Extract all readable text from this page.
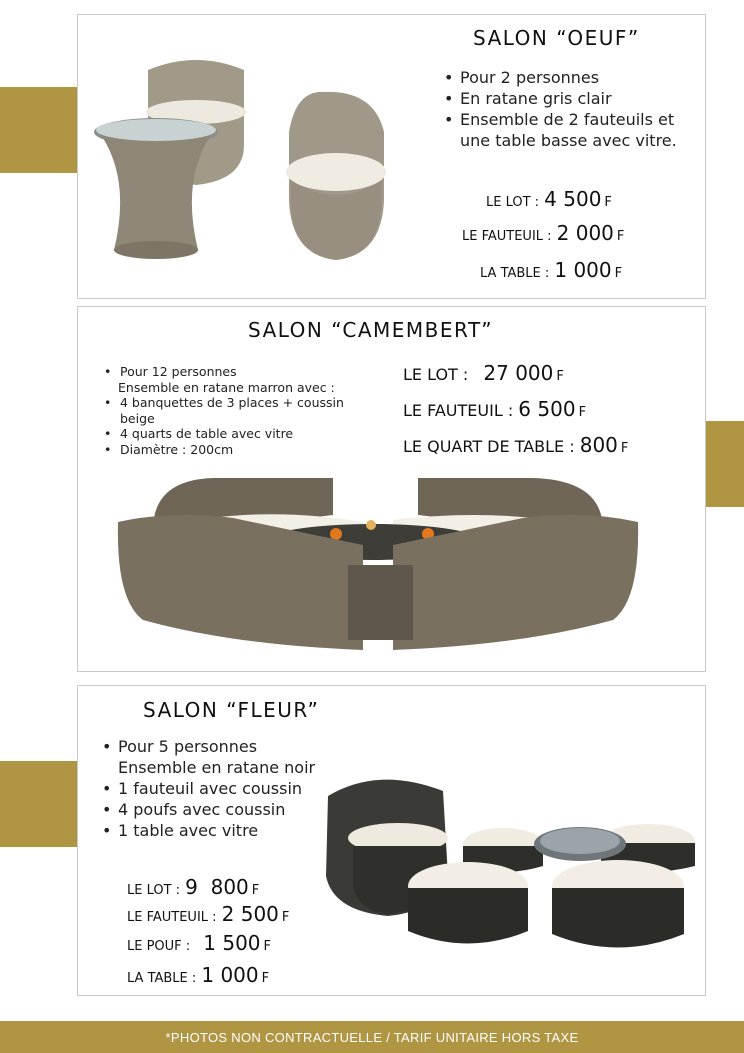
SALON “OEUF”
• Pour 2 personnes
• En ratane gris clair
• Ensemble de 2 fauteuils et
une table basse avec vitre.
LE LOT : 4 500 F
LE FAUTEUIL : 2 000 F
LA TABLE : 1 000 F
SALON “CAMEMBERT”
• Pour 12 personnes
Ensemble en ratane marron avec :
• 4 banquettes de 3 places + coussin
beige
• 4 quarts de table avec vitre
• Diamètre : 200cm
LE LOT : 27 000 F
LE FAUTEUIL : 6 500 F
LE QUART DE TABLE : 800 F
SALON “FLEUR”
• Pour 5 personnes
Ensemble en ratane noir
• 1 fauteuil avec coussin
• 4 poufs avec coussin
• 1 table avec vitre
LE LOT : 9  800 F
LE FAUTEUIL : 2 500 F
LE POUF : 1 500 F
LA TABLE : 1 000 F
*PHOTOS NON CONTRACTUELLE / TARIF UNITAIRE HORS TAXE
